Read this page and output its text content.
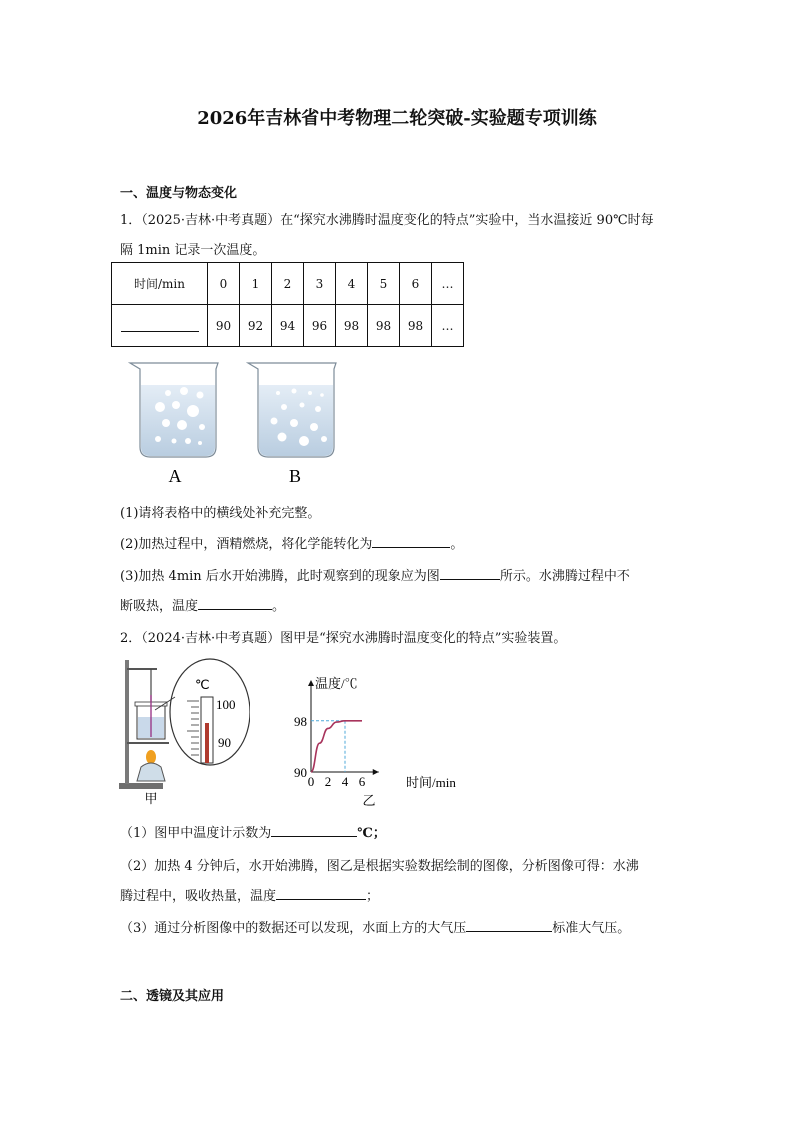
2026年吉林省中考物理二轮突破-实验题专项训练
一、温度与物态变化
1．（2025·吉林·中考真题）在“探究水沸腾时温度变化的特点”实验中，当水温接近 90℃时每
隔 1min 记录一次温度。
时间/min	0	1	2	3	4	5	6	…
	90	92	94	96	98	98	98	…
A	B
(1)请将表格中的横线处补充完整。
(2)加热过程中，酒精燃烧，将化学能转化为	。
(3)加热 4min 后水开始沸腾，此时观察到的现象应为图	所示。水沸腾过程中不
断吸热，温度	。
2．（2024·吉林·中考真题）图甲是“探究水沸腾时温度变化的特点”实验装置。
℃
100
90
甲
0 2 4 6
90
98
温度/℃
时间/min
乙
（1）图甲中温度计示数为	℃；
（2）加热 4 分钟后，水开始沸腾，图乙是根据实验数据绘制的图像，分析图像可得：水沸
腾过程中，吸收热量，温度	；
（3）通过分析图像中的数据还可以发现，水面上方的大气压	标准大气压。
二、透镜及其应用
